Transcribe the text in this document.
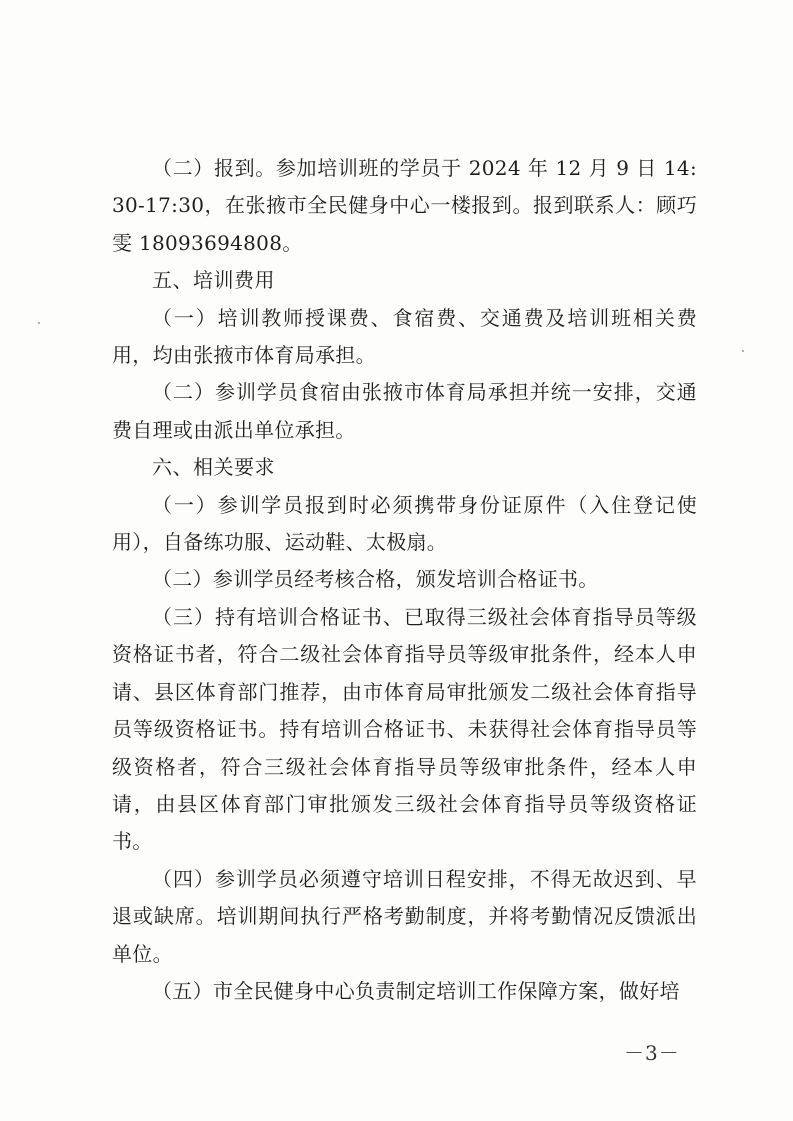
（二）报到。参加培训班的学员于 2024 年 12 月 9 日 14:30-17:30，在张掖市全民健身中心一楼报到。报到联系人：顾巧雯 18093694808。

五、培训费用

（一）培训教师授课费、食宿费、交通费及培训班相关费用，均由张掖市体育局承担。

（二）参训学员食宿由张掖市体育局承担并统一安排，交通费自理或由派出单位承担。

六、相关要求

（一）参训学员报到时必须携带身份证原件（入住登记使用），自备练功服、运动鞋、太极扇。

（二）参训学员经考核合格，颁发培训合格证书。

（三）持有培训合格证书、已取得三级社会体育指导员等级资格证书者，符合二级社会体育指导员等级审批条件，经本人申请、县区体育部门推荐，由市体育局审批颁发二级社会体育指导员等级资格证书。持有培训合格证书、未获得社会体育指导员等级资格者，符合三级社会体育指导员等级审批条件，经本人申请，由县区体育部门审批颁发三级社会体育指导员等级资格证书。

（四）参训学员必须遵守培训日程安排，不得无故迟到、早退或缺席。培训期间执行严格考勤制度，并将考勤情况反馈派出单位。

（五）市全民健身中心负责制定培训工作保障方案，做好培

－3－
